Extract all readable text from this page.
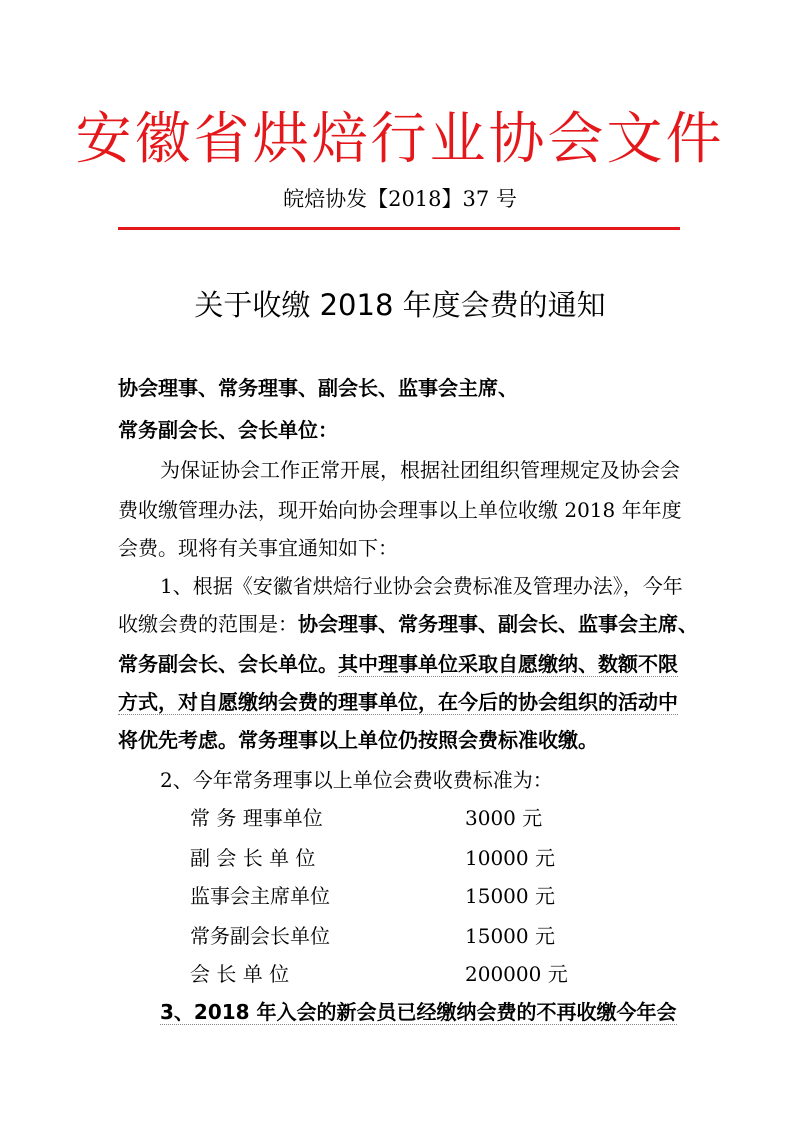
安徽省烘焙行业协会文件
皖焙协发【2018】37 号
关于收缴 2018 年度会费的通知
协会理事、常务理事、副会长、监事会主席、
常务副会长、会长单位：
为保证协会工作正常开展，根据社团组织管理规定及协会会
费收缴管理办法，现开始向协会理事以上单位收缴 2018 年年度
会费。现将有关事宜通知如下：
1、根据《安徽省烘焙行业协会会费标准及管理办法》，今年
收缴会费的范围是：协会理事、常务理事、副会长、监事会主席、
常务副会长、会长单位。其中理事单位采取自愿缴纳、数额不限
方式，对自愿缴纳会费的理事单位，在今后的协会组织的活动中
将优先考虑。常务理事以上单位仍按照会费标准收缴。
2、今年常务理事以上单位会费收费标准为：
常 务 理事单位	3000 元
副 会 长 单 位	10000 元
监事会主席单位	15000 元
常务副会长单位	15000 元
会 长 单 位	200000 元
3、2018 年入会的新会员已经缴纳会费的不再收缴今年会
